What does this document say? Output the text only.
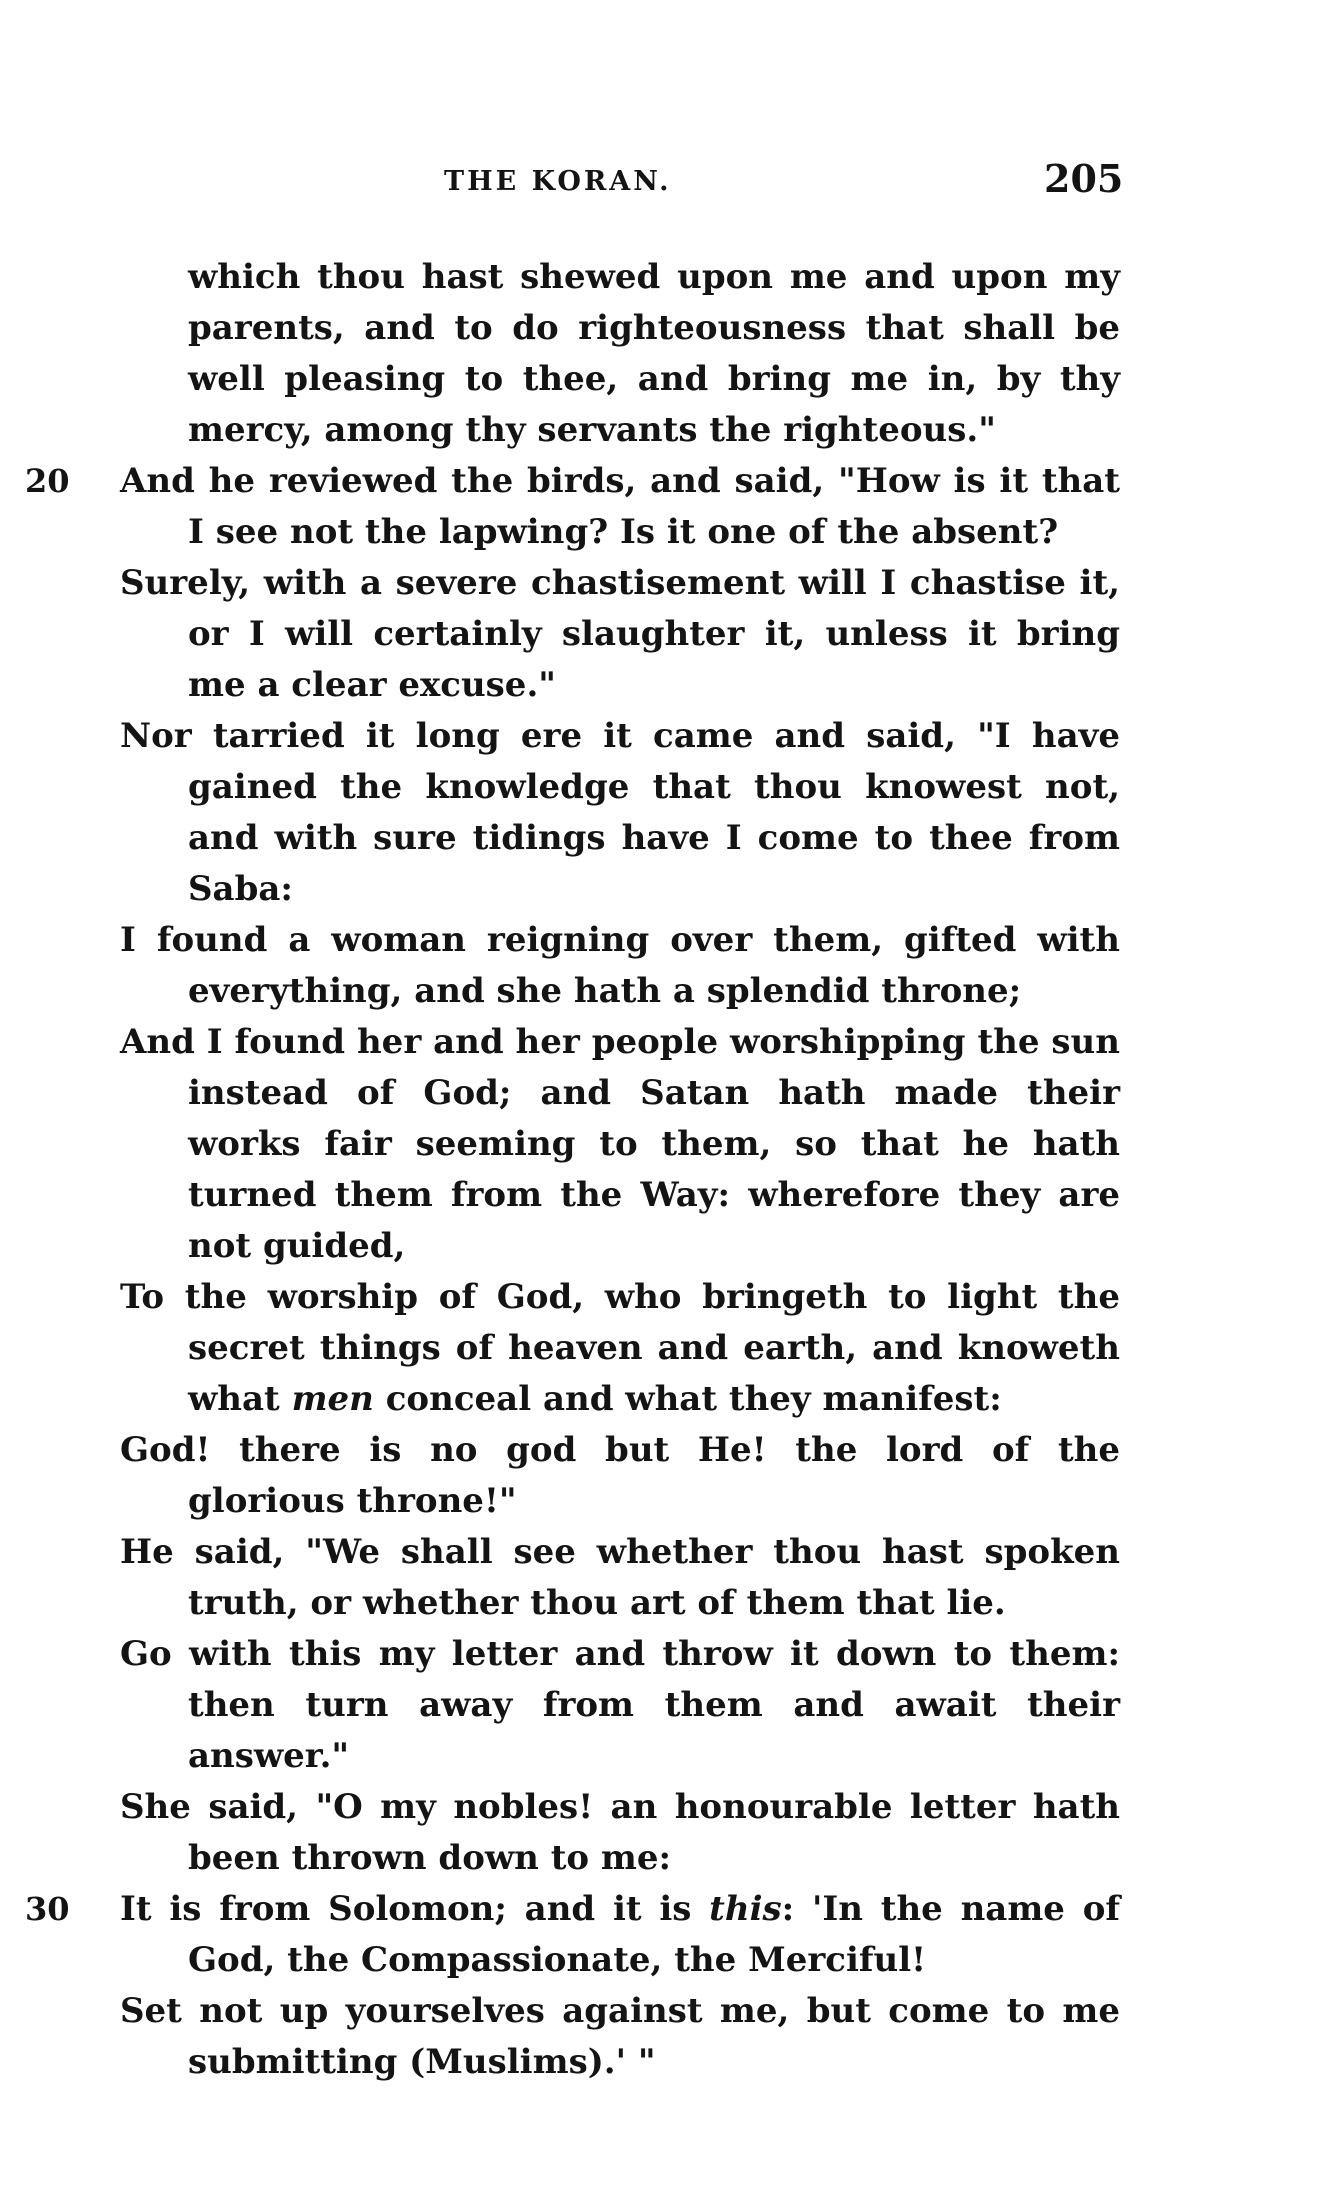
THE KORAN.	205

which thou hast shewed upon me and upon my parents, and to do righteousness that shall be well pleasing to thee, and bring me in, by thy mercy, among thy servants the righteous."

20	And he reviewed the birds, and said, "How is it that I see not the lapwing? Is it one of the absent?

Surely, with a severe chastisement will I chastise it, or I will certainly slaughter it, unless it bring me a clear excuse."

Nor tarried it long ere it came and said, "I have gained the knowledge that thou knowest not, and with sure tidings have I come to thee from Saba:

I found a woman reigning over them, gifted with everything, and she hath a splendid throne;

And I found her and her people worshipping the sun instead of God; and Satan hath made their works fair seeming to them, so that he hath turned them from the Way: wherefore they are not guided,

To the worship of God, who bringeth to light the secret things of heaven and earth, and knoweth what men conceal and what they manifest:

God! there is no god but He! the lord of the glorious throne!"

He said, "We shall see whether thou hast spoken truth, or whether thou art of them that lie.

Go with this my letter and throw it down to them: then turn away from them and await their answer."

She said, "O my nobles! an honourable letter hath been thrown down to me:

30	It is from Solomon; and it is this: 'In the name of God, the Compassionate, the Merciful!

Set not up yourselves against me, but come to me submitting (Muslims).' "
